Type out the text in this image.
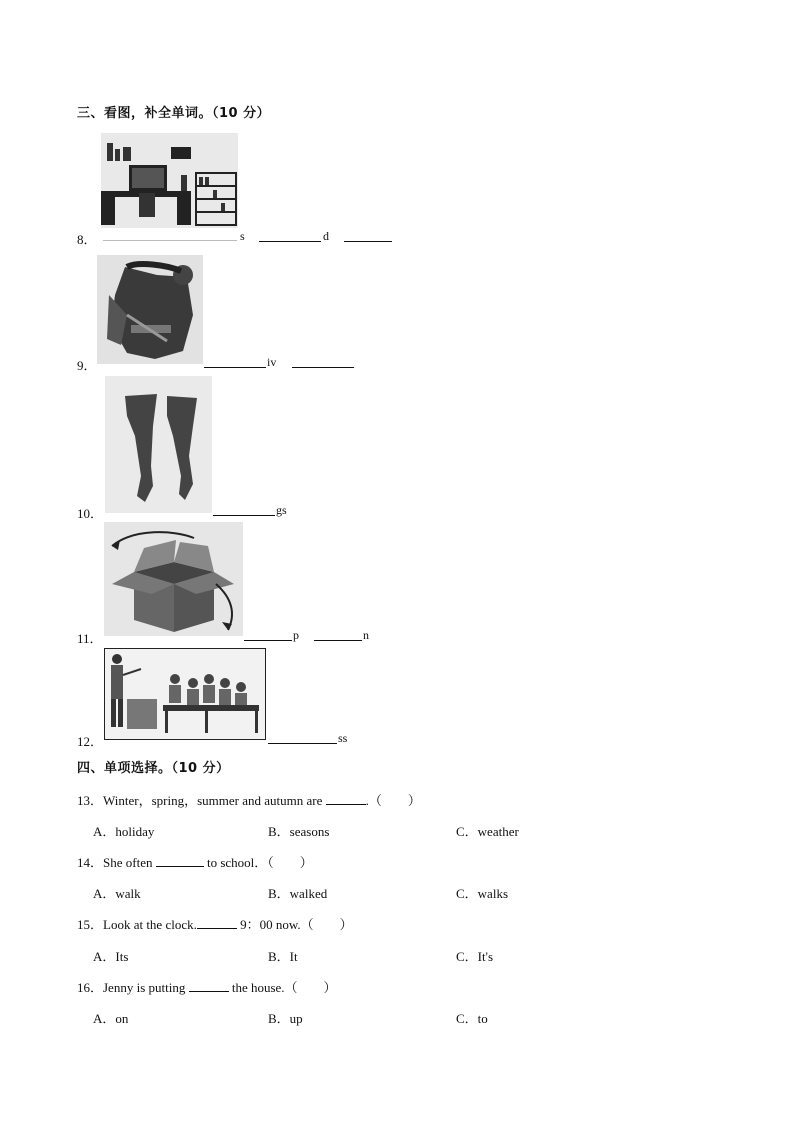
三、看图，补全单词。（10 分）
8．	s	d
9．	iv
10．	gs
11．	p	n
12．	ss
四、单项选择。（10 分）
13．Winter，spring，summer and autumn are	.（　　）
A．holiday	B．seasons	C．weather
14．She often	to school．（　　）
A．walk	B．walked	C．walks
15．Look at the clock.	9：00 now.（　　）
A．Its	B．It	C．It's
16．Jenny is putting	the house.（　　）
A．on	B．up	C．to
